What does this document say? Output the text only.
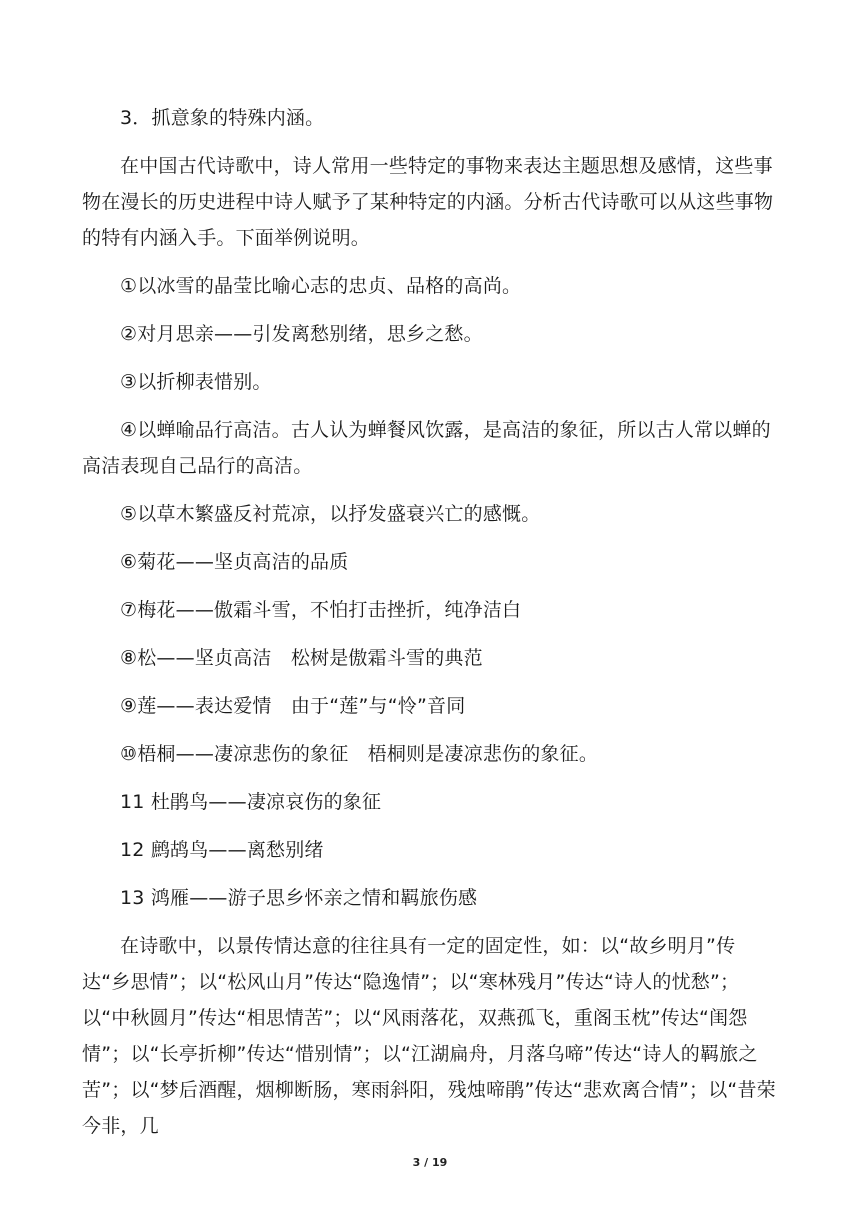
3．抓意象的特殊内涵。

在中国古代诗歌中，诗人常用一些特定的事物来表达主题思想及感情，这些事物在漫长的历史进程中诗人赋予了某种特定的内涵。分析古代诗歌可以从这些事物的特有内涵入手。下面举例说明。

①以冰雪的晶莹比喻心志的忠贞、品格的高尚。

②对月思亲——引发离愁别绪，思乡之愁。

③以折柳表惜别。

④以蝉喻品行高洁。古人认为蝉餐风饮露，是高洁的象征，所以古人常以蝉的高洁表现自己品行的高洁。

⑤以草木繁盛反衬荒凉，以抒发盛衰兴亡的感慨。

⑥菊花——坚贞高洁的品质

⑦梅花——傲霜斗雪，不怕打击挫折，纯净洁白

⑧松——坚贞高洁　松树是傲霜斗雪的典范

⑨莲——表达爱情　由于“莲”与“怜”音同

⑩梧桐——凄凉悲伤的象征　梧桐则是凄凉悲伤的象征。

11 杜鹃鸟——凄凉哀伤的象征

12 鹧鸪鸟——离愁别绪

13 鸿雁——游子思乡怀亲之情和羁旅伤感

在诗歌中，以景传情达意的往往具有一定的固定性，如：以“故乡明月”传达“乡思情”；以“松风山月”传达“隐逸情”；以“寒林残月”传达“诗人的忧愁”；以“中秋圆月”传达“相思情苦”；以“风雨落花，双燕孤飞，重阁玉枕”传达“闺怨情”；以“长亭折柳”传达“惜别情”；以“江湖扁舟，月落乌啼”传达“诗人的羁旅之苦”；以“梦后酒醒，烟柳断肠，寒雨斜阳，残烛啼鹃”传达“悲欢离合情”；以“昔荣今非，几

3 / 19
